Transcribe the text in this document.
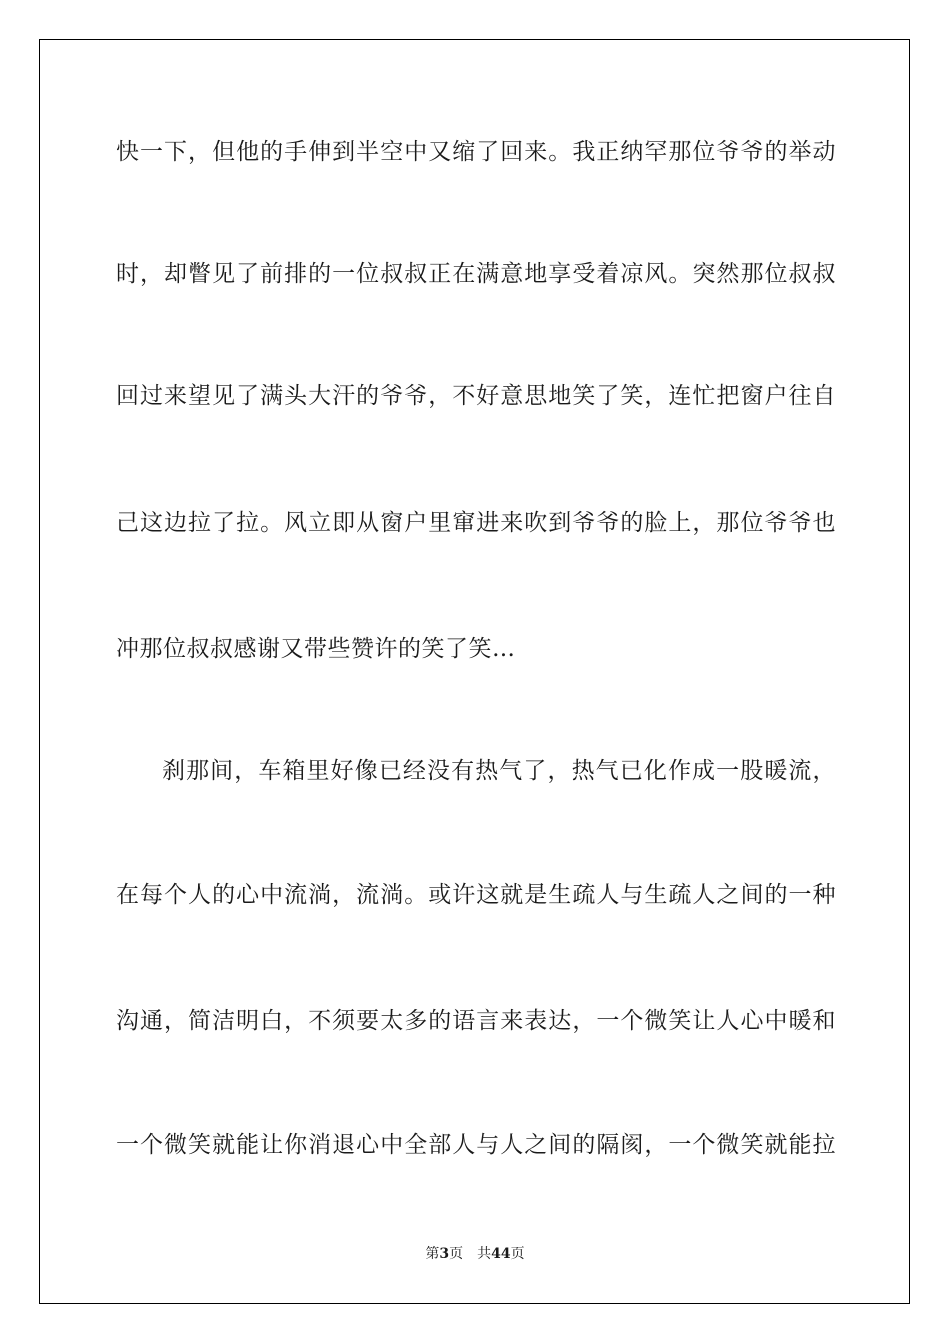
快一下，但他的手伸到半空中又缩了回来。我正纳罕那位爷爷的举动
时，却瞥见了前排的一位叔叔正在满意地享受着凉风。突然那位叔叔
回过来望见了满头大汗的爷爷，不好意思地笑了笑，连忙把窗户往自
己这边拉了拉。风立即从窗户里窜进来吹到爷爷的脸上，那位爷爷也
冲那位叔叔感谢又带些赞许的笑了笑…
刹那间，车箱里好像已经没有热气了，热气已化作成一股暖流，
在每个人的心中流淌，流淌。或许这就是生疏人与生疏人之间的一种
沟通，简洁明白，不须要太多的语言来表达，一个微笑让人心中暖和
一个微笑就能让你消退心中全部人与人之间的隔阂，一个微笑就能拉
第3页 共44页
